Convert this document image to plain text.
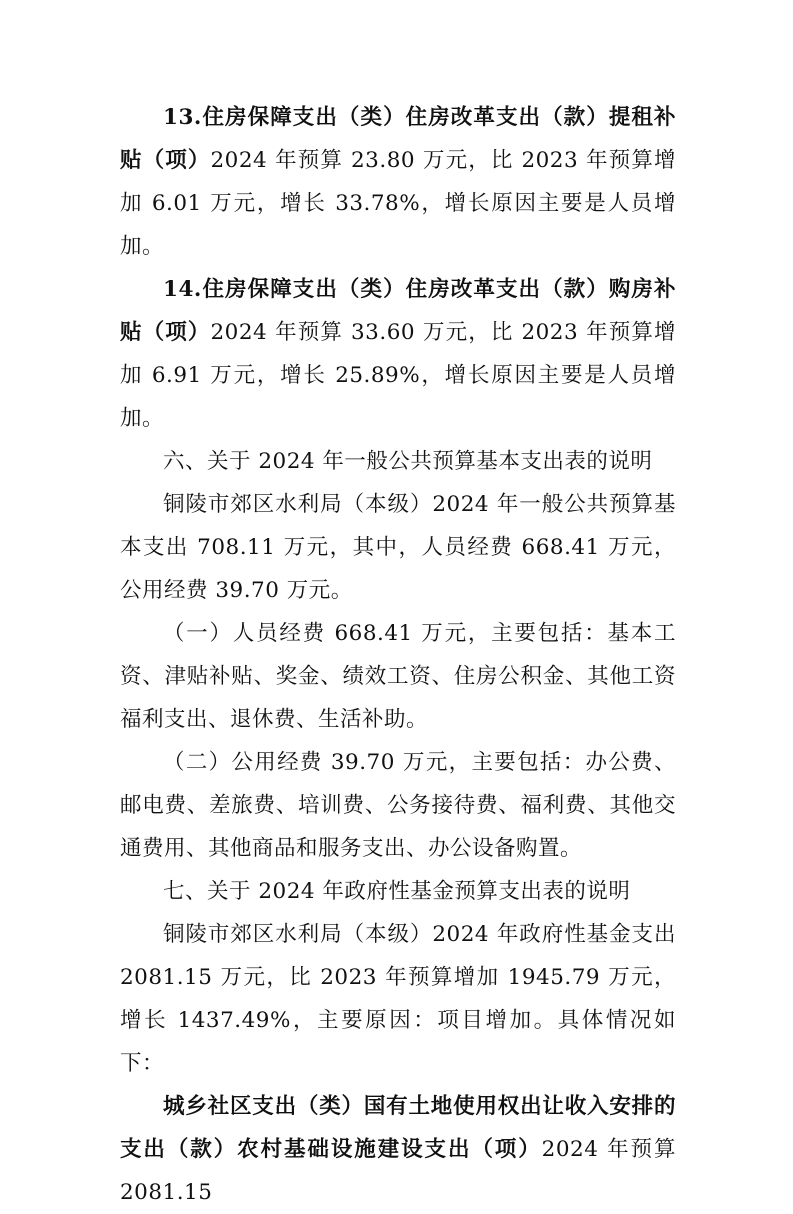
13.住房保障支出（类）住房改革支出（款）提租补贴（项）2024 年预算 23.80 万元，比 2023 年预算增加 6.01 万元，增长 33.78%，增长原因主要是人员增加。

14.住房保障支出（类）住房改革支出（款）购房补贴（项）2024 年预算 33.60 万元，比 2023 年预算增加 6.91 万元，增长 25.89%，增长原因主要是人员增加。

六、关于 2024 年一般公共预算基本支出表的说明

铜陵市郊区水利局（本级）2024 年一般公共预算基本支出 708.11 万元，其中，人员经费 668.41 万元，公用经费 39.70 万元。

（一）人员经费 668.41 万元，主要包括：基本工资、津贴补贴、奖金、绩效工资、住房公积金、其他工资福利支出、退休费、生活补助。

（二）公用经费 39.70 万元，主要包括：办公费、邮电费、差旅费、培训费、公务接待费、福利费、其他交通费用、其他商品和服务支出、办公设备购置。

七、关于 2024 年政府性基金预算支出表的说明

铜陵市郊区水利局（本级）2024 年政府性基金支出 2081.15 万元，比 2023 年预算增加 1945.79 万元，增长 1437.49%，主要原因：项目增加。具体情况如下：

城乡社区支出（类）国有土地使用权出让收入安排的支出（款）农村基础设施建设支出（项）2024 年预算 2081.15
